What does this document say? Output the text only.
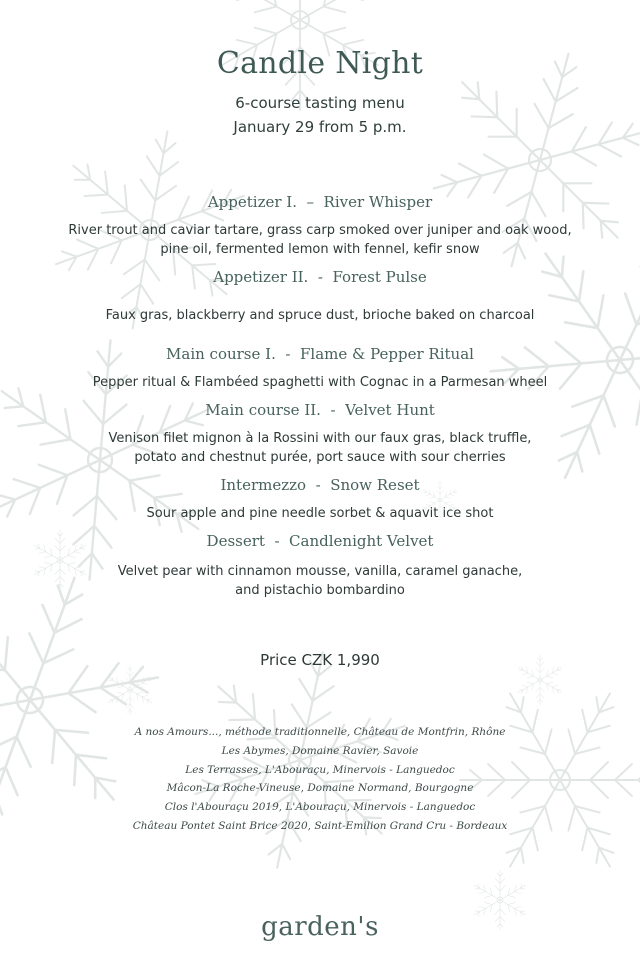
Candle Night
6-course tasting menu
January 29 from 5 p.m.
Appetizer I.  –  River Whisper
River trout and caviar tartare, grass carp smoked over juniper and oak wood,
pine oil, fermented lemon with fennel, kefir snow
Appetizer II.  -  Forest Pulse
Faux gras, blackberry and spruce dust, brioche baked on charcoal
Main course I.  -  Flame & Pepper Ritual
Pepper ritual & Flambéed spaghetti with Cognac in a Parmesan wheel
Main course II.  -  Velvet Hunt
Venison filet mignon à la Rossini with our faux gras, black truffle,
potato and chestnut purée, port sauce with sour cherries
Intermezzo  -  Snow Reset
Sour apple and pine needle sorbet & aquavit ice shot
Dessert  -  Candlenight Velvet
Velvet pear with cinnamon mousse, vanilla, caramel ganache,
and pistachio bombardino
Price CZK 1,990
A nos Amours..., méthode traditionnelle, Château de Montfrin, Rhône
Les Abymes, Domaine Ravier, Savoie
Les Terrasses, L'Abouraçu, Minervois - Languedoc
Mâcon-La Roche-Vineuse, Domaine Normand, Bourgogne
Clos l'Abouraçu 2019, L'Abouraçu, Minervois - Languedoc
Château Pontet Saint Brice 2020, Saint-Emilion Grand Cru - Bordeaux
garden's
